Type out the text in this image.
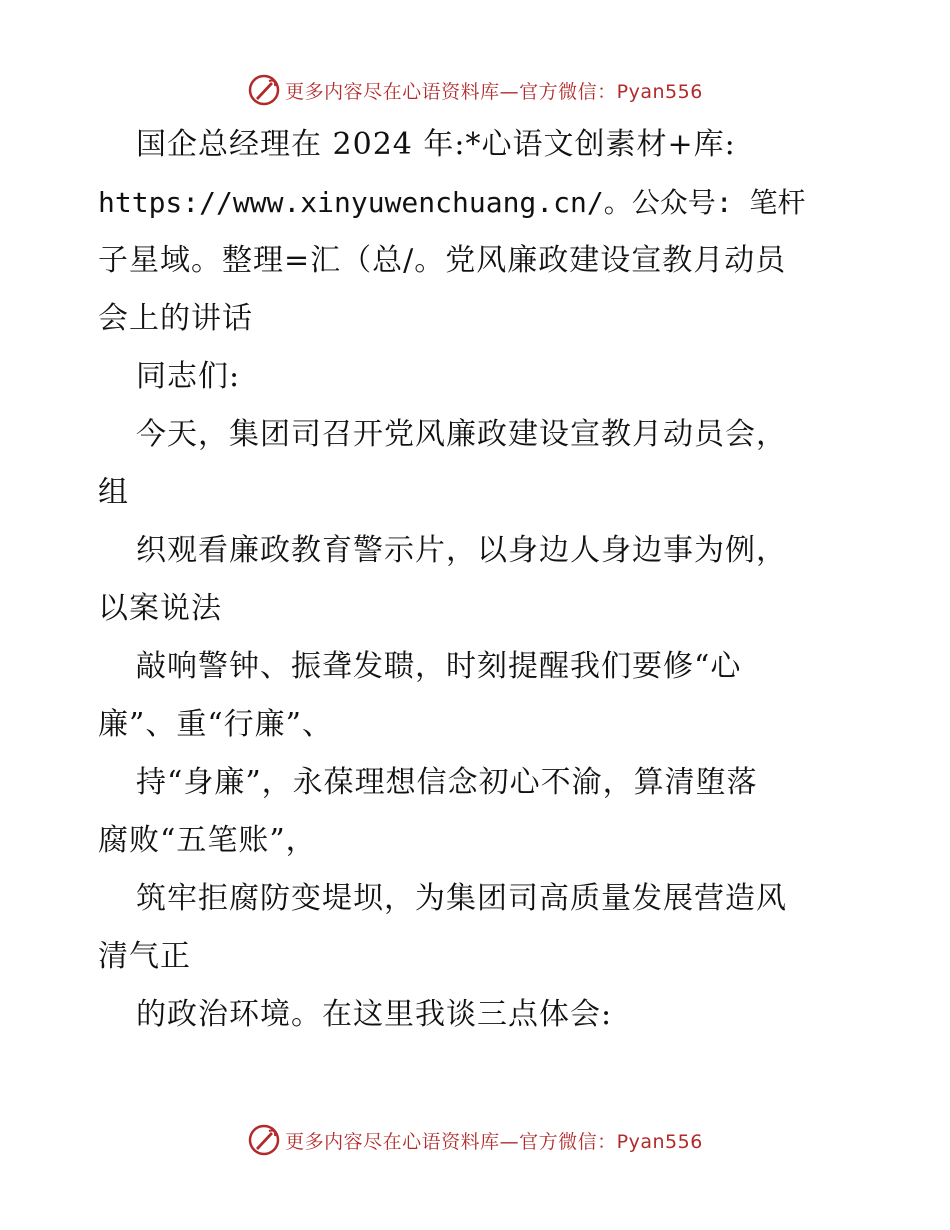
更多内容尽在心语资料库—官方微信：Pyan556
国企总经理在 2024 年:*心语文创素材+库:
https://www.xinyuwenchuang.cn/。公众号: 笔杆
子星域。整理=汇（总/。党风廉政建设宣教月动员
会上的讲话
同志们:
今天，集团司召开党风廉政建设宣教月动员会，
组
织观看廉政教育警示片，以身边人身边事为例，
以案说法
敲响警钟、振聋发聩，时刻提醒我们要修“心
廉”、重“行廉”、
持“身廉”，永葆理想信念初心不渝，算清堕落
腐败“五笔账”，
筑牢拒腐防变堤坝，为集团司高质量发展营造风
清气正
的政治环境。在这里我谈三点体会:
更多内容尽在心语资料库—官方微信：Pyan556
